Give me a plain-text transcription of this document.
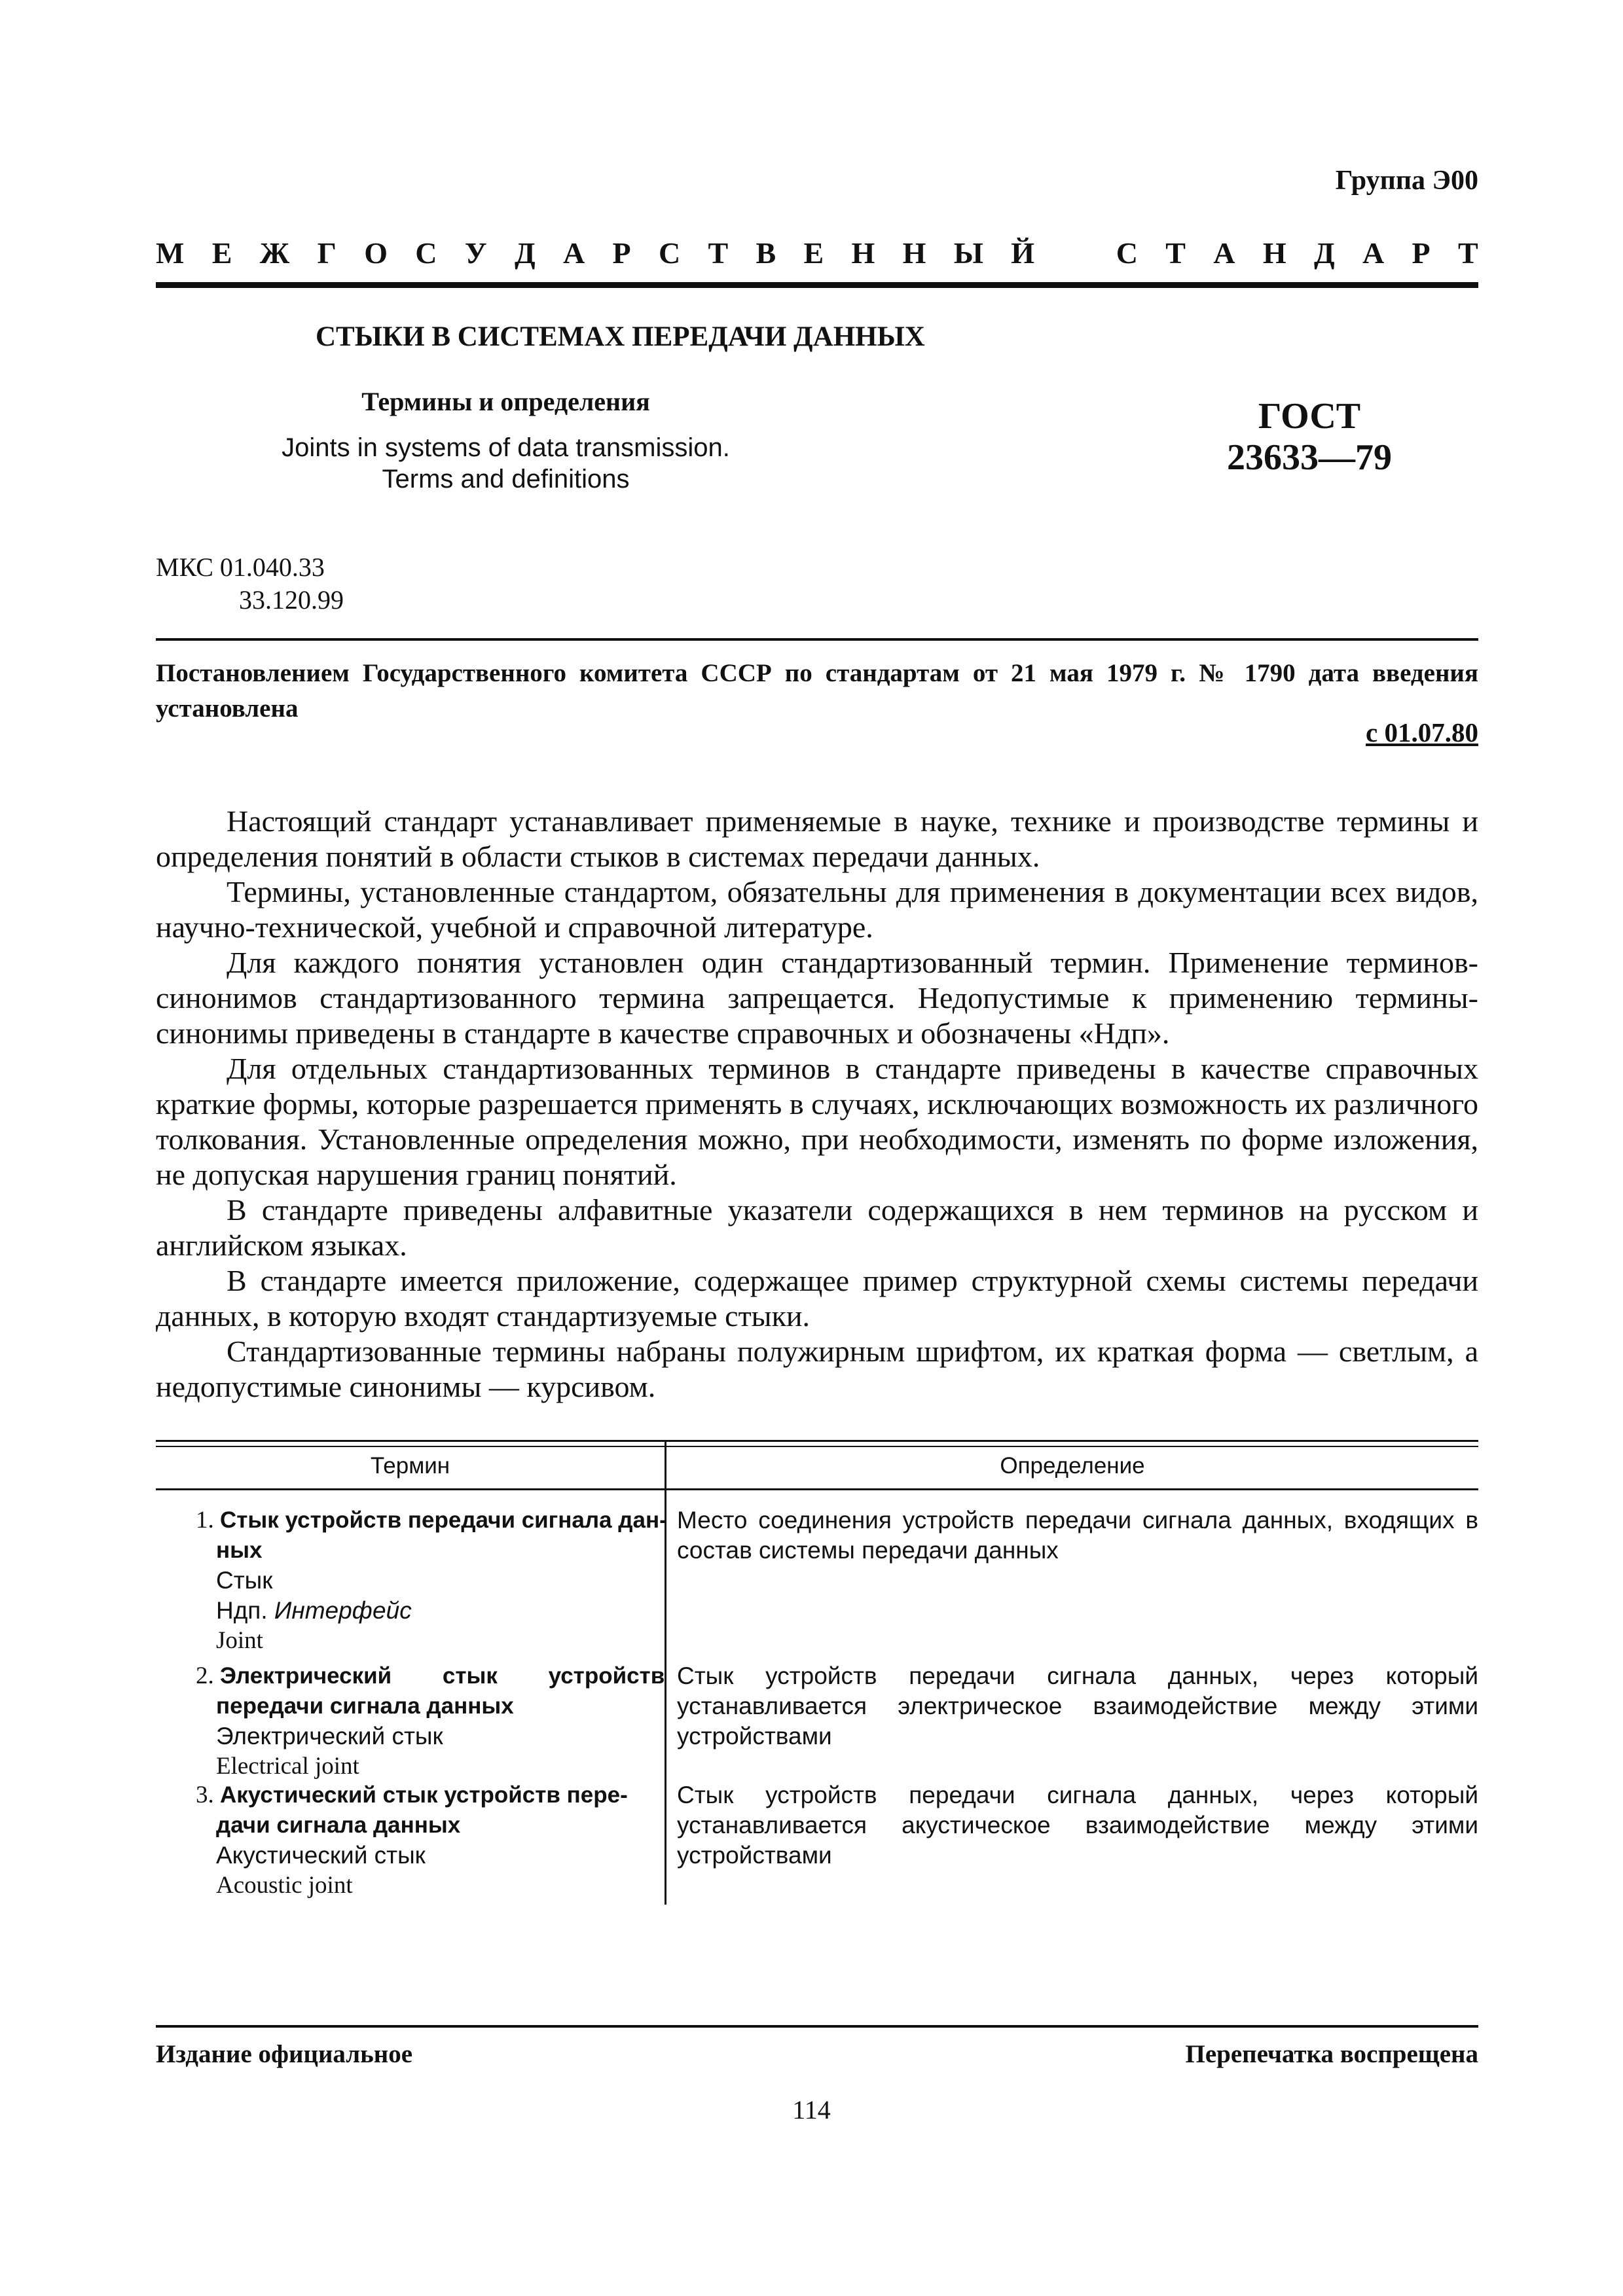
Группа Э00
М Е Ж Г О С У Д А Р С Т В Е Н Н Ы Й	С Т А Н Д А Р Т
СТЫКИ В СИСТЕМАХ ПЕРЕДАЧИ ДАННЫХ
Термины и определения
Joints in systems of data transmission.
Terms and definitions
ГОСТ
23633—79
МКС 01.040.33
33.120.99
Постановлением Государственного комитета СССР по стандартам от 21 мая 1979 г. № 1790 дата введения установлена
с 01.07.80

Настоящий стандарт устанавливает применяемые в науке, технике и производстве термины и определения понятий в области стыков в системах передачи данных.

Термины, установленные стандартом, обязательны для применения в документации всех видов, научно-технической, учебной и справочной литературе.

Для каждого понятия установлен один стандартизованный термин. Применение терминов-синонимов стандартизованного термина запрещается. Недопустимые к применению термины-синонимы приведены в стандарте в качестве справочных и обозначены «Ндп».

Для отдельных стандартизованных терминов в стандарте приведены в качестве справочных краткие формы, которые разрешается применять в случаях, исключающих возможность их различного толкования. Установленные определения можно, при необходимости, изменять по форме изложения, не допуская нарушения границ понятий.

В стандарте приведены алфавитные указатели содержащихся в нем терминов на русском и английском языках.

В стандарте имеется приложение, содержащее пример структурной схемы системы передачи данных, в которую входят стандартизуемые стыки.

Стандартизованные термины набраны полужирным шрифтом, их краткая форма — светлым, а недопустимые синонимы — курсивом.

Термин	Определение
1. Стык устройств передачи сигнала дан-
ных
Стык
Ндп. Интерфейс
Joint
Место соединения устройств передачи сигнала данных, входящих в состав системы передачи данных
2. Электрический стык устройств
передачи сигнала данных
Электрический стык
Electrical joint
Стык устройств передачи сигнала данных, через который устанавливается электрическое взаимодействие между этими устройствами
3. Акустический стык устройств пере-
дачи сигнала данных
Акустический стык
Acoustic joint
Стык устройств передачи сигнала данных, через который устанавливается акустическое взаимодействие между этими устройствами
Издание официальное	Перепечатка воспрещена
114
